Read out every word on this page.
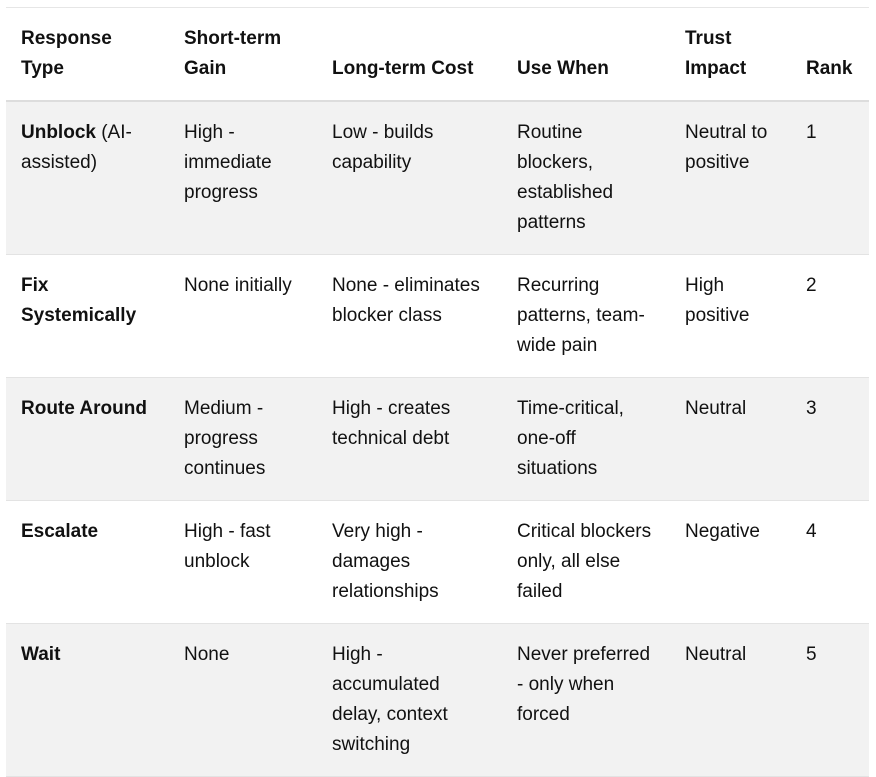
Response Type	Short-term Gain	Long-term Cost	Use When	Trust Impact	Rank
Unblock (AI-assisted)	High - immediate progress	Low - builds capability	Routine blockers, established patterns	Neutral to positive	1
Fix Systemically	None initially	None - eliminates blocker class	Recurring patterns, team-wide pain	High positive	2
Route Around	Medium - progress continues	High - creates technical debt	Time-critical, one-off situations	Neutral	3
Escalate	High - fast unblock	Very high - damages relationships	Critical blockers only, all else failed	Negative	4
Wait	None	High - accumulated delay, context switching	Never preferred - only when forced	Neutral	5
